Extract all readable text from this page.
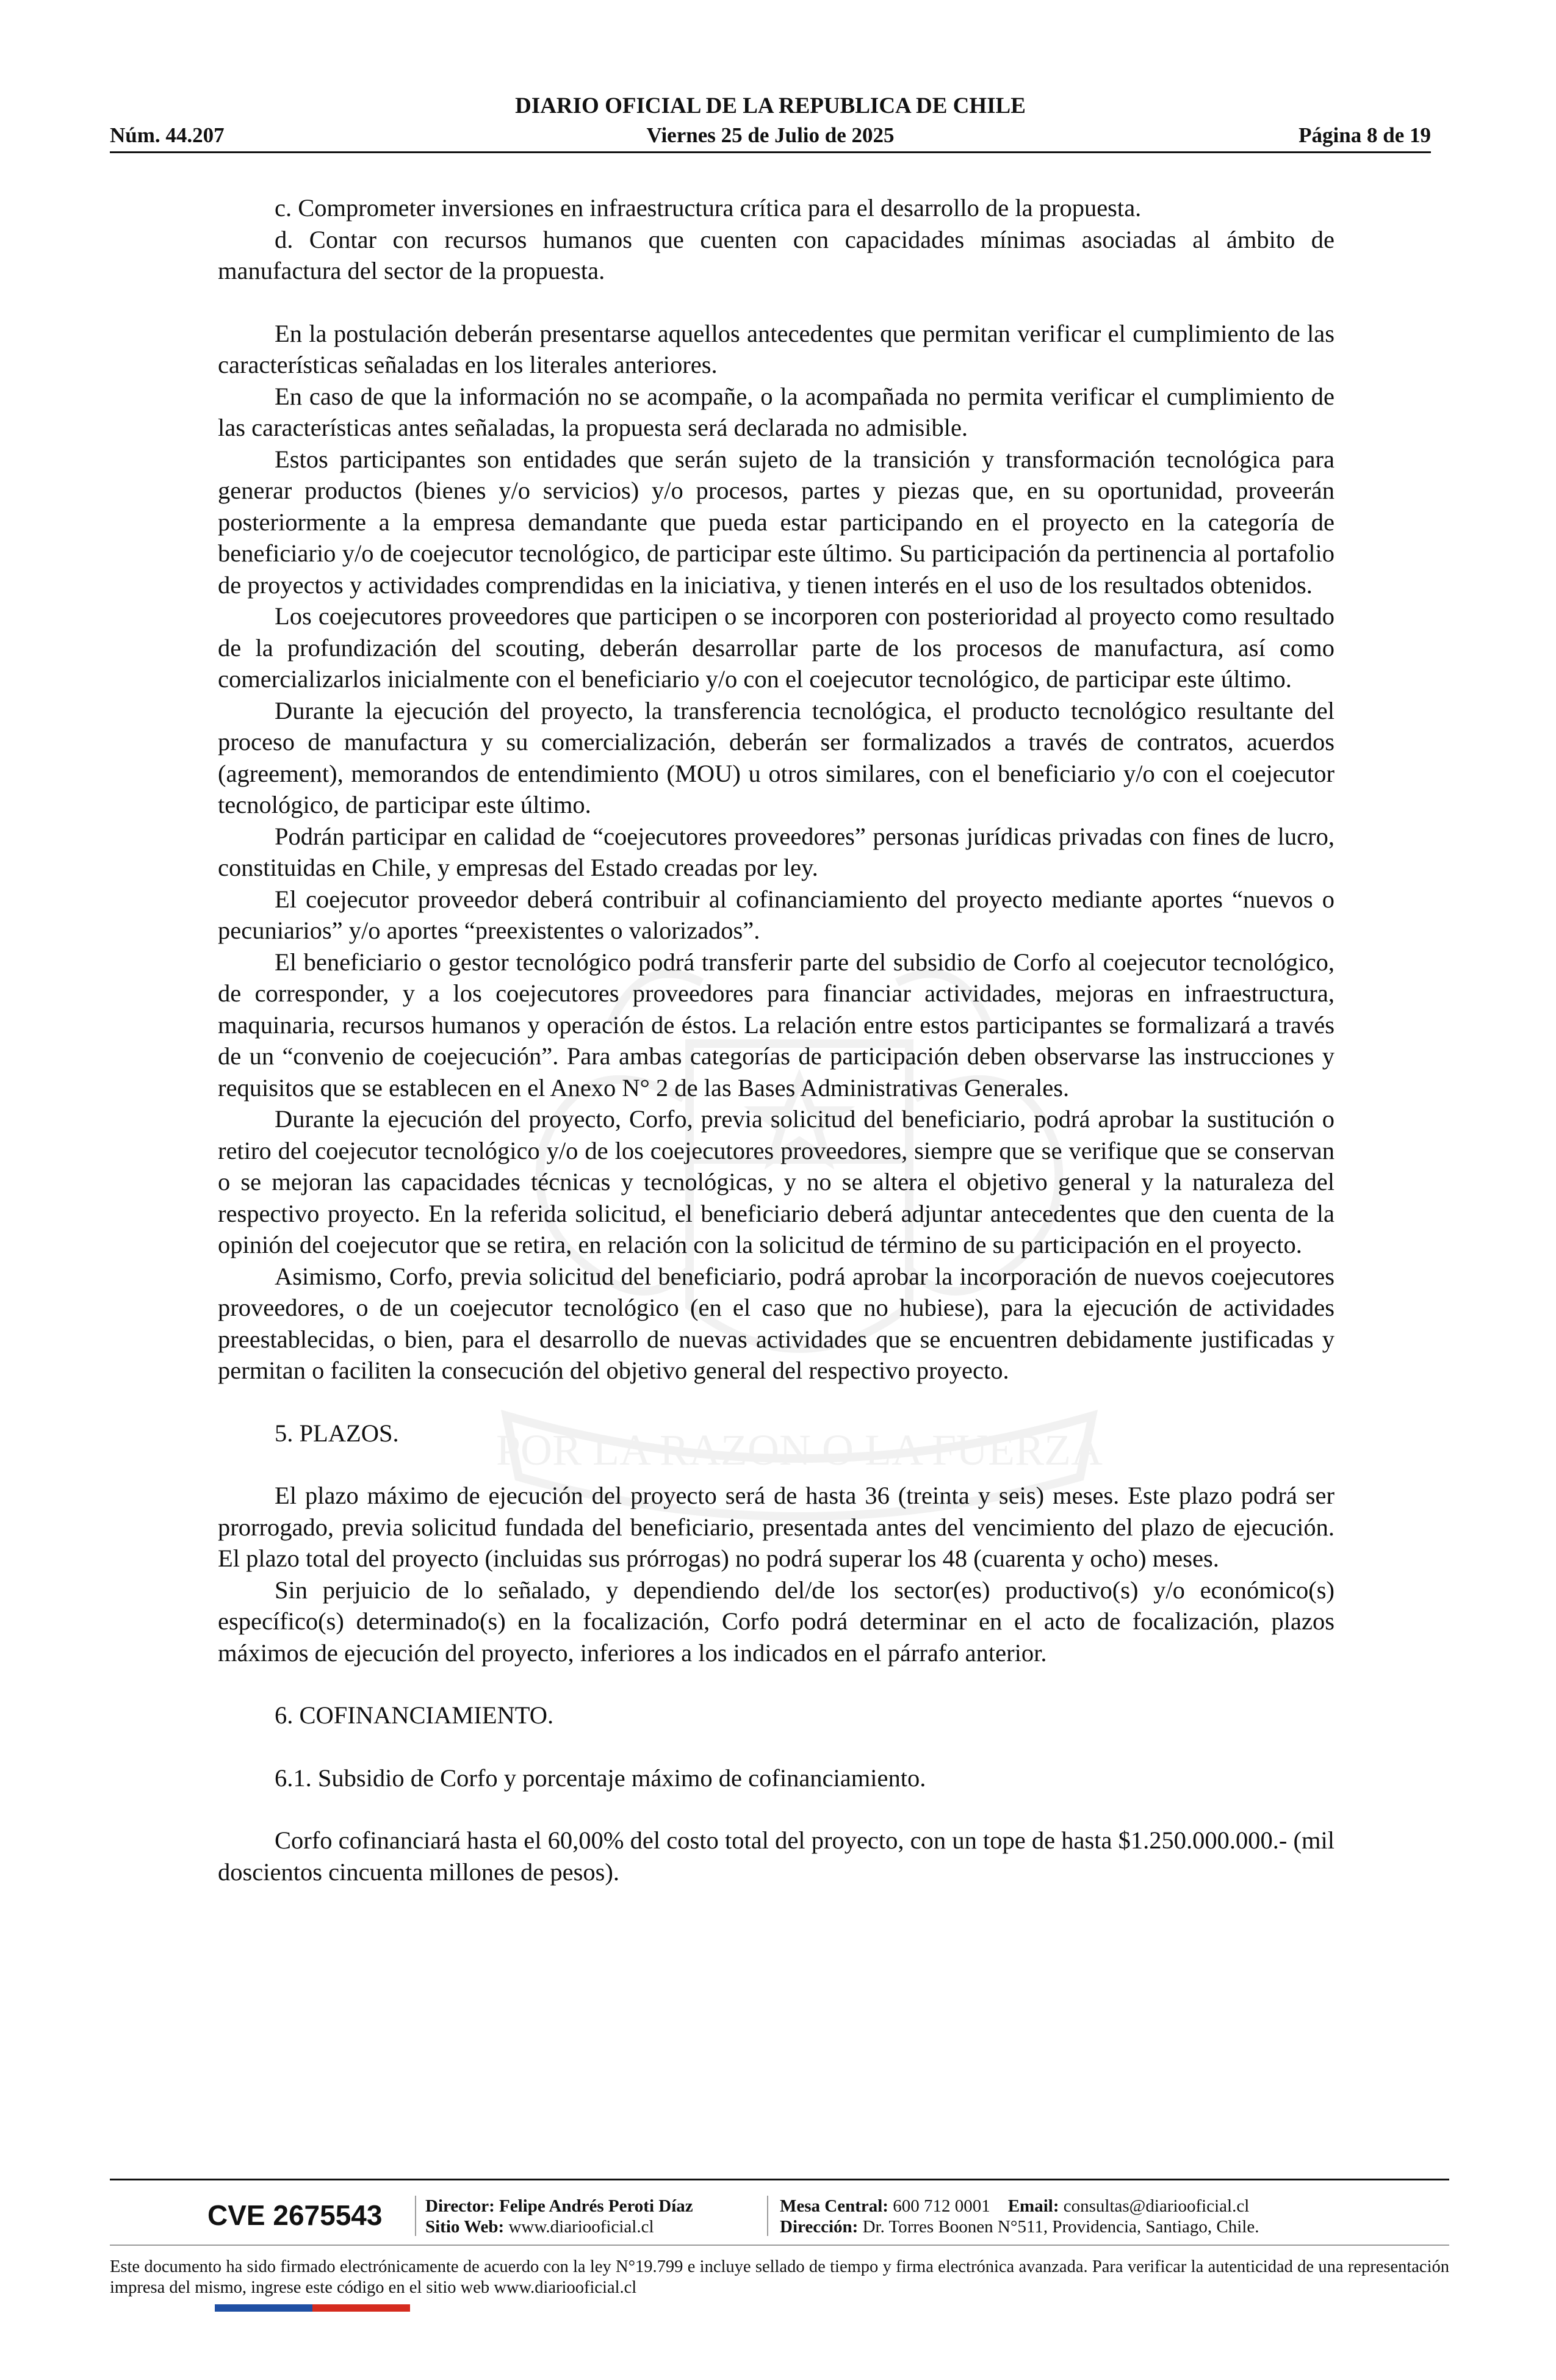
POR LA RAZON O LA FUERZA
DIARIO OFICIAL DE LA REPUBLICA DE CHILE
Núm. 44.207	Viernes 25 de Julio de 2025	Página 8 de 19

c. Comprometer inversiones en infraestructura crítica para el desarrollo de la propuesta.

d. Contar con recursos humanos que cuenten con capacidades mínimas asociadas al ámbito de manufactura del sector de la propuesta.

En la postulación deberán presentarse aquellos antecedentes que permitan verificar el cumplimiento de las características señaladas en los literales anteriores.

En caso de que la información no se acompañe, o la acompañada no permita verificar el cumplimiento de las características antes señaladas, la propuesta será declarada no admisible.

Estos participantes son entidades que serán sujeto de la transición y transformación tecnológica para generar productos (bienes y/o servicios) y/o procesos, partes y piezas que, en su oportunidad, proveerán posteriormente a la empresa demandante que pueda estar participando en el proyecto en la categoría de beneficiario y/o de coejecutor tecnológico, de participar este último. Su participación da pertinencia al portafolio de proyectos y actividades comprendidas en la iniciativa, y tienen interés en el uso de los resultados obtenidos.

Los coejecutores proveedores que participen o se incorporen con posterioridad al proyecto como resultado de la profundización del scouting, deberán desarrollar parte de los procesos de manufactura, así como comercializarlos inicialmente con el beneficiario y/o con el coejecutor tecnológico, de participar este último.

Durante la ejecución del proyecto, la transferencia tecnológica, el producto tecnológico resultante del proceso de manufactura y su comercialización, deberán ser formalizados a través de contratos, acuerdos (agreement), memorandos de entendimiento (MOU) u otros similares, con el beneficiario y/o con el coejecutor tecnológico, de participar este último.

Podrán participar en calidad de “coejecutores proveedores” personas jurídicas privadas con fines de lucro, constituidas en Chile, y empresas del Estado creadas por ley.

El coejecutor proveedor deberá contribuir al cofinanciamiento del proyecto mediante aportes “nuevos o pecuniarios” y/o aportes “preexistentes o valorizados”.

El beneficiario o gestor tecnológico podrá transferir parte del subsidio de Corfo al coejecutor tecnológico, de corresponder, y a los coejecutores proveedores para financiar actividades, mejoras en infraestructura, maquinaria, recursos humanos y operación de éstos. La relación entre estos participantes se formalizará a través de un “convenio de coejecución”. Para ambas categorías de participación deben observarse las instrucciones y requisitos que se establecen en el Anexo N° 2 de las Bases Administrativas Generales.

Durante la ejecución del proyecto, Corfo, previa solicitud del beneficiario, podrá aprobar la sustitución o retiro del coejecutor tecnológico y/o de los coejecutores proveedores, siempre que se verifique que se conservan o se mejoran las capacidades técnicas y tecnológicas, y no se altera el objetivo general y la naturaleza del respectivo proyecto. En la referida solicitud, el beneficiario deberá adjuntar antecedentes que den cuenta de la opinión del coejecutor que se retira, en relación con la solicitud de término de su participación en el proyecto.

Asimismo, Corfo, previa solicitud del beneficiario, podrá aprobar la incorporación de nuevos coejecutores proveedores, o de un coejecutor tecnológico (en el caso que no hubiese), para la ejecución de actividades preestablecidas, o bien, para el desarrollo de nuevas actividades que se encuentren debidamente justificadas y permitan o faciliten la consecución del objetivo general del respectivo proyecto.

5. PLAZOS.

El plazo máximo de ejecución del proyecto será de hasta 36 (treinta y seis) meses. Este plazo podrá ser prorrogado, previa solicitud fundada del beneficiario, presentada antes del vencimiento del plazo de ejecución. El plazo total del proyecto (incluidas sus prórrogas) no podrá superar los 48 (cuarenta y ocho) meses.

Sin perjuicio de lo señalado, y dependiendo del/de los sector(es) productivo(s) y/o económico(s) específico(s) determinado(s) en la focalización, Corfo podrá determinar en el acto de focalización, plazos máximos de ejecución del proyecto, inferiores a los indicados en el párrafo anterior.

6. COFINANCIAMIENTO.

6.1. Subsidio de Corfo y porcentaje máximo de cofinanciamiento.

Corfo cofinanciará hasta el 60,00% del costo total del proyecto, con un tope de hasta $1.250.000.000.- (mil doscientos cincuenta millones de pesos).

CVE 2675543 Director: Felipe Andrés Peroti Díaz
Sitio Web: www.diariooficial.cl
Mesa Central: 600 712 0001 Email: consultas@diariooficial.cl
Dirección: Dr. Torres Boonen N°511, Providencia, Santiago, Chile.
Este documento ha sido firmado electrónicamente de acuerdo con la ley N°19.799 e incluye sellado de tiempo y firma electrónica avanzada. Para verificar la autenticidad de una representación impresa del mismo, ingrese este código en el sitio web www.diariooficial.cl
